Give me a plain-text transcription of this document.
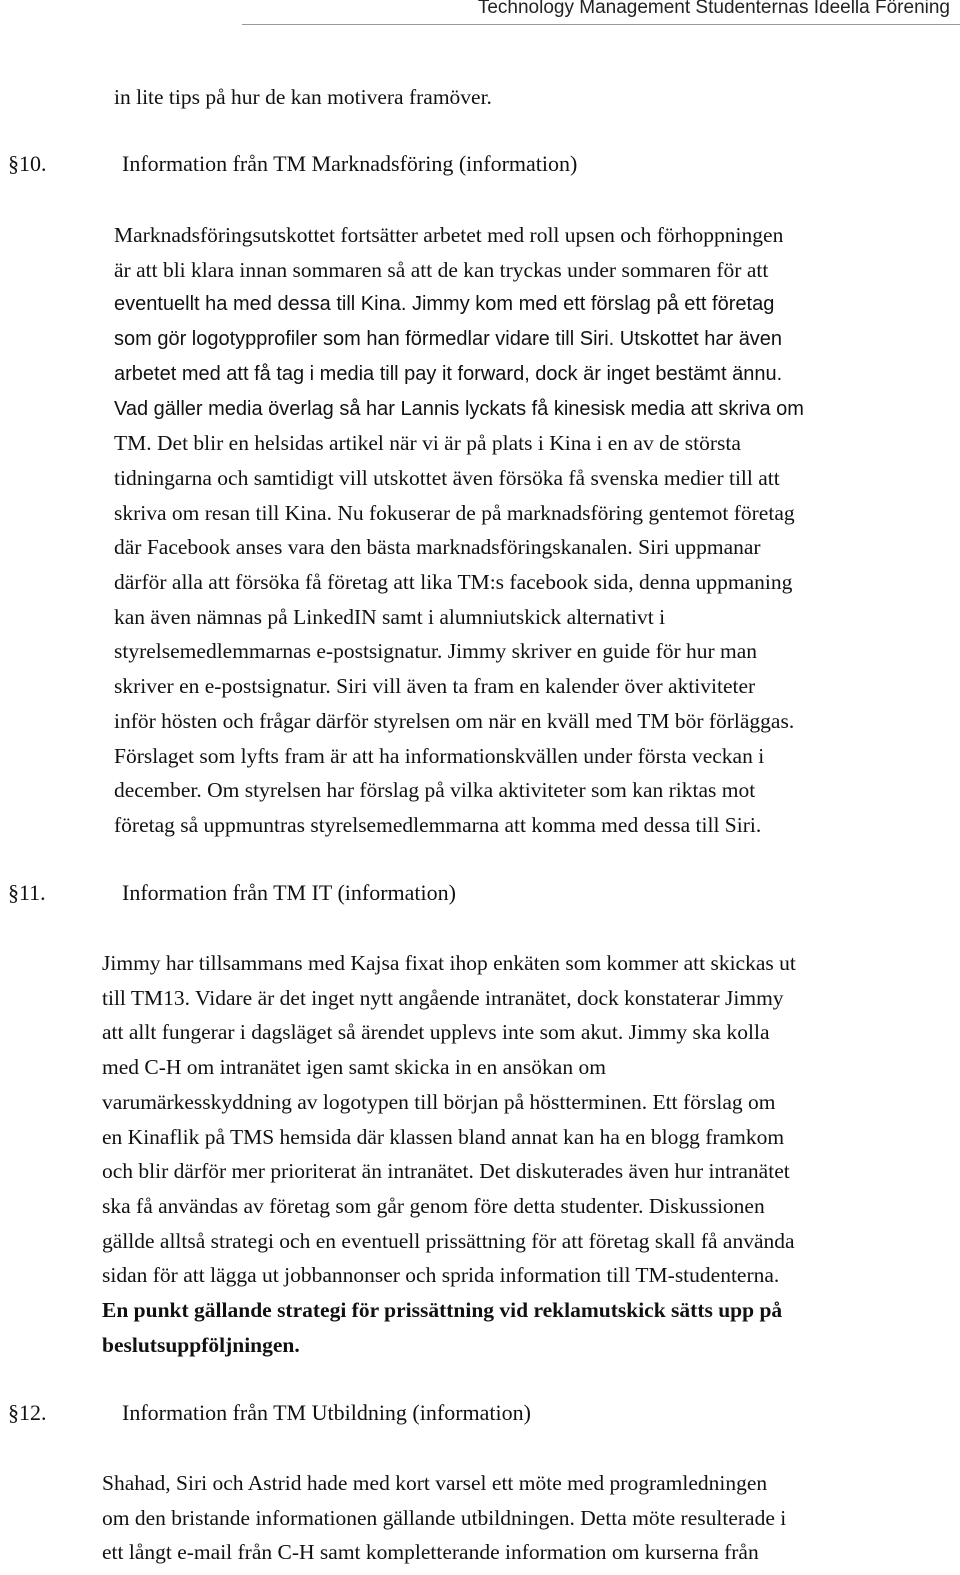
Technology Management Studenternas Ideella Förening
in lite tips på hur de kan motivera framöver.
§10.	Information från TM Marknadsföring (information)
Marknadsföringsutskottet fortsätter arbetet med roll upsen och förhoppningen
är att bli klara innan sommaren så att de kan tryckas under sommaren för att
eventuellt ha med dessa till Kina. Jimmy kom med ett förslag på ett företag
som gör logotypprofiler som han förmedlar vidare till Siri. Utskottet har även
arbetet med att få tag i media till pay it forward, dock är inget bestämt ännu.
Vad gäller media överlag så har Lannis lyckats få kinesisk media att skriva om
TM. Det blir en helsidas artikel när vi är på plats i Kina i en av de största
tidningarna och samtidigt vill utskottet även försöka få svenska medier till att
skriva om resan till Kina. Nu fokuserar de på marknadsföring gentemot företag
där Facebook anses vara den bästa marknadsföringskanalen. Siri uppmanar
därför alla att försöka få företag att lika TM:s facebook sida, denna uppmaning
kan även nämnas på LinkedIN samt i alumniutskick alternativt i
styrelsemedlemmarnas e-postsignatur. Jimmy skriver en guide för hur man
skriver en e-postsignatur. Siri vill även ta fram en kalender över aktiviteter
inför hösten och frågar därför styrelsen om när en kväll med TM bör förläggas.
Förslaget som lyfts fram är att ha informationskvällen under första veckan i
december. Om styrelsen har förslag på vilka aktiviteter som kan riktas mot
företag så uppmuntras styrelsemedlemmarna att komma med dessa till Siri.
§11.	Information från TM IT (information)
Jimmy har tillsammans med Kajsa fixat ihop enkäten som kommer att skickas ut
till TM13. Vidare är det inget nytt angående intranätet, dock konstaterar Jimmy
att allt fungerar i dagsläget så ärendet upplevs inte som akut. Jimmy ska kolla
med C-H om intranätet igen samt skicka in en ansökan om
varumärkesskyddning av logotypen till början på höstterminen. Ett förslag om
en Kinaflik på TMS hemsida där klassen bland annat kan ha en blogg framkom
och blir därför mer prioriterat än intranätet. Det diskuterades även hur intranätet
ska få användas av företag som går genom före detta studenter. Diskussionen
gällde alltså strategi och en eventuell prissättning för att företag skall få använda
sidan för att lägga ut jobbannonser och sprida information till TM-studenterna.
En punkt gällande strategi för prissättning vid reklamutskick sätts upp på
beslutsuppföljningen.
§12.	Information från TM Utbildning (information)
Shahad, Siri och Astrid hade med kort varsel ett möte med programledningen
om den bristande informationen gällande utbildningen. Detta möte resulterade i
ett långt e-mail från C-H samt kompletterande information om kurserna från
